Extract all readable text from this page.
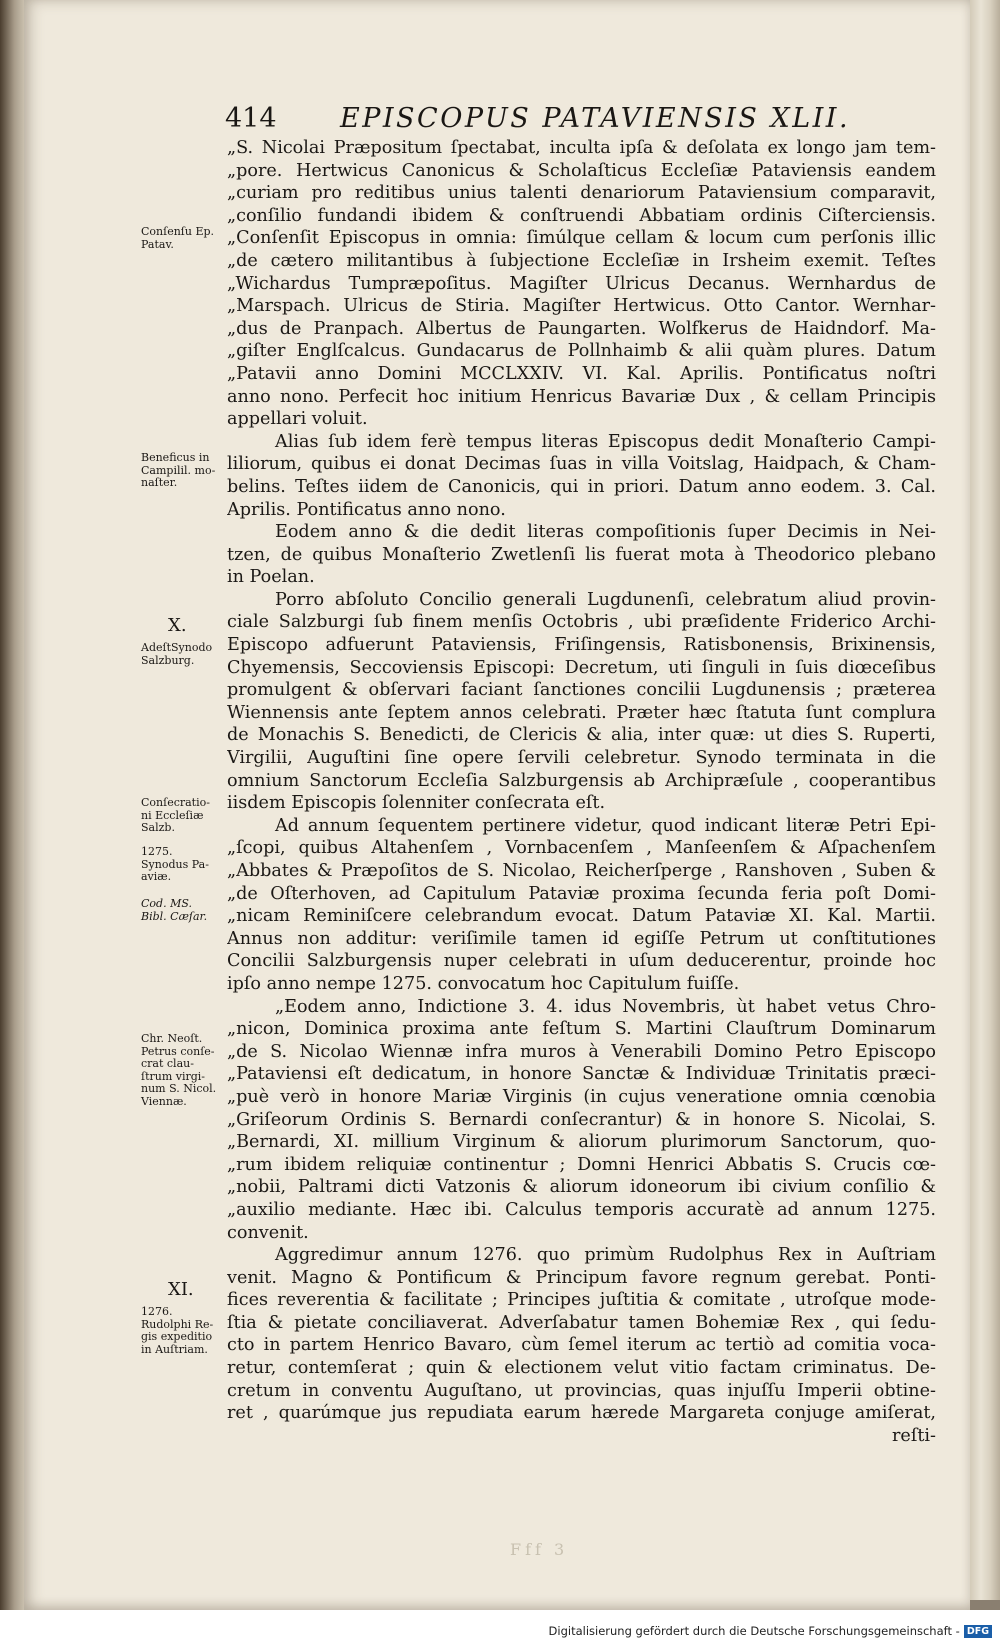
414 EPISCOPUS PATAVIENSIS XLII.
„S. Nicolai Præpositum ſpectabat, inculta ipſa & deſolata ex longo jam tem-
„pore. Hertwicus Canonicus & Scholaſticus Eccleſiæ Pataviensis eandem
„curiam pro reditibus unius talenti denariorum Pataviensium comparavit,
„conſilio fundandi ibidem & conſtruendi Abbatiam ordinis Ciſterciensis.
„Conſenſit Episcopus in omnia: ſimúlque cellam & locum cum perſonis illic
„de cætero militantibus à ſubjectione Eccleſiæ in Irsheim exemit. Teſtes
„Wichardus Tumpræpoſitus. Magiſter Ulricus Decanus. Wernhardus de
„Marspach. Ulricus de Stiria. Magiſter Hertwicus. Otto Cantor. Wernhar-
„dus de Pranpach. Albertus de Paungarten. Wolfkerus de Haidndorf. Ma-
„giſter Englſcalcus. Gundacarus de Pollnhaimb & alii quàm plures. Datum
„Patavii anno Domini MCCLXXIV. VI. Kal. Aprilis. Pontificatus noſtri
anno nono. Perfecit hoc initium Henricus Bavariæ Dux , & cellam Principis
appellari voluit.
Alias ſub idem ferè tempus literas Episcopus dedit Monaſterio Campi-
liliorum, quibus ei donat Decimas ſuas in villa Voitslag, Haidpach, & Cham-
belins. Teſtes iidem de Canonicis, qui in priori. Datum anno eodem. 3. Cal.
Aprilis. Pontificatus anno nono.
Eodem anno & die dedit literas compoſitionis ſuper Decimis in Nei-
tzen, de quibus Monaſterio Zwetlenſi lis fuerat mota à Theodorico plebano
in Poelan.
Porro abſoluto Concilio generali Lugdunenſi, celebratum aliud provin-
ciale Salzburgi ſub finem menſis Octobris , ubi præſidente Friderico Archi-
Episcopo adfuerunt Pataviensis, Friſingensis, Ratisbonensis, Brixinensis,
Chyemensis, Seccoviensis Episcopi: Decretum, uti ſinguli in ſuis diœceſibus
promulgent & obſervari faciant ſanctiones concilii Lugdunensis ; præterea
Wiennensis ante ſeptem annos celebrati. Præter hæc ſtatuta ſunt complura
de Monachis S. Benedicti, de Clericis & alia, inter quæ: ut dies S. Ruperti,
Virgilii, Auguſtini ſine opere ſervili celebretur. Synodo terminata in die
omnium Sanctorum Eccleſia Salzburgensis ab Archipræſule , cooperantibus
iisdem Episcopis ſolenniter conſecrata eſt.
Ad annum ſequentem pertinere videtur, quod indicant literæ Petri Epi-
„ſcopi, quibus Altahenſem , Vornbacenſem , Manſeenſem & Aſpachenſem
„Abbates & Præpoſitos de S. Nicolao, Reicherſperge , Ranshoven , Suben &
„de Oſterhoven, ad Capitulum Pataviæ proxima ſecunda feria poſt Domi-
„nicam Reminiſcere celebrandum evocat. Datum Pataviæ XI. Kal. Martii.
Annus non additur: veriſimile tamen id egiſſe Petrum ut conſtitutiones
Concilii Salzburgensis nuper celebrati in uſum deducerentur, proinde hoc
ipſo anno nempe 1275. convocatum hoc Capitulum fuiſſe.
„Eodem anno, Indictione 3. 4. idus Novembris, ùt habet vetus Chro-
„nicon, Dominica proxima ante feſtum S. Martini Clauſtrum Dominarum
„de S. Nicolao Wiennæ infra muros à Venerabili Domino Petro Episcopo
„Pataviensi eſt dedicatum, in honore Sanctæ & Individuæ Trinitatis præci-
„puè verò in honore Mariæ Virginis (in cujus veneratione omnia cœnobia
„Griſeorum Ordinis S. Bernardi conſecrantur) & in honore S. Nicolai, S.
„Bernardi, XI. millium Virginum & aliorum plurimorum Sanctorum, quo-
„rum ibidem reliquiæ continentur ; Domni Henrici Abbatis S. Crucis cœ-
„nobii, Paltrami dicti Vatzonis & aliorum idoneorum ibi civium conſilio &
„auxilio mediante. Hæc ibi. Calculus temporis accuratè ad annum 1275.
convenit.
Aggredimur annum 1276. quo primùm Rudolphus Rex in Auſtriam
venit. Magno & Pontificum & Principum favore regnum gerebat. Ponti-
fices reverentia & facilitate ; Principes juſtitia & comitate , utroſque mode-
ſtia & pietate conciliaverat. Adverſabatur tamen Bohemiæ Rex , qui ſedu-
cto in partem Henrico Bavaro, cùm ſemel iterum ac tertiò ad comitia voca-
retur, contemſerat ; quin & electionem velut vitio factam criminatus. De-
cretum in conventu Auguſtano, ut provincias, quas injuſſu Imperii obtine-
ret , quarúmque jus repudiata earum hærede Margareta conjuge amiſerat,
reſti-
Conſenſu Ep.
Patav.
Beneficus in
Campilil. mo-
naſter.
X.
AdeſtSynodo
Salzburg.
Conſecratio-
ni Eccleſiæ
Salzb.
1275.
Synodus Pa-
aviæ.
Cod. MS.
Bibl. Cæſar.
Chr. Neoſt.
Petrus conſe-
crat clau-
ſtrum virgi-
num S. Nicol.
Viennæ.
XI.
1276.
Rudolphi Re-
gis expeditio
in Auſtriam.
Fff 3
Digitalisierung gefördert durch die Deutsche Forschungsgemeinschaft - DFG
